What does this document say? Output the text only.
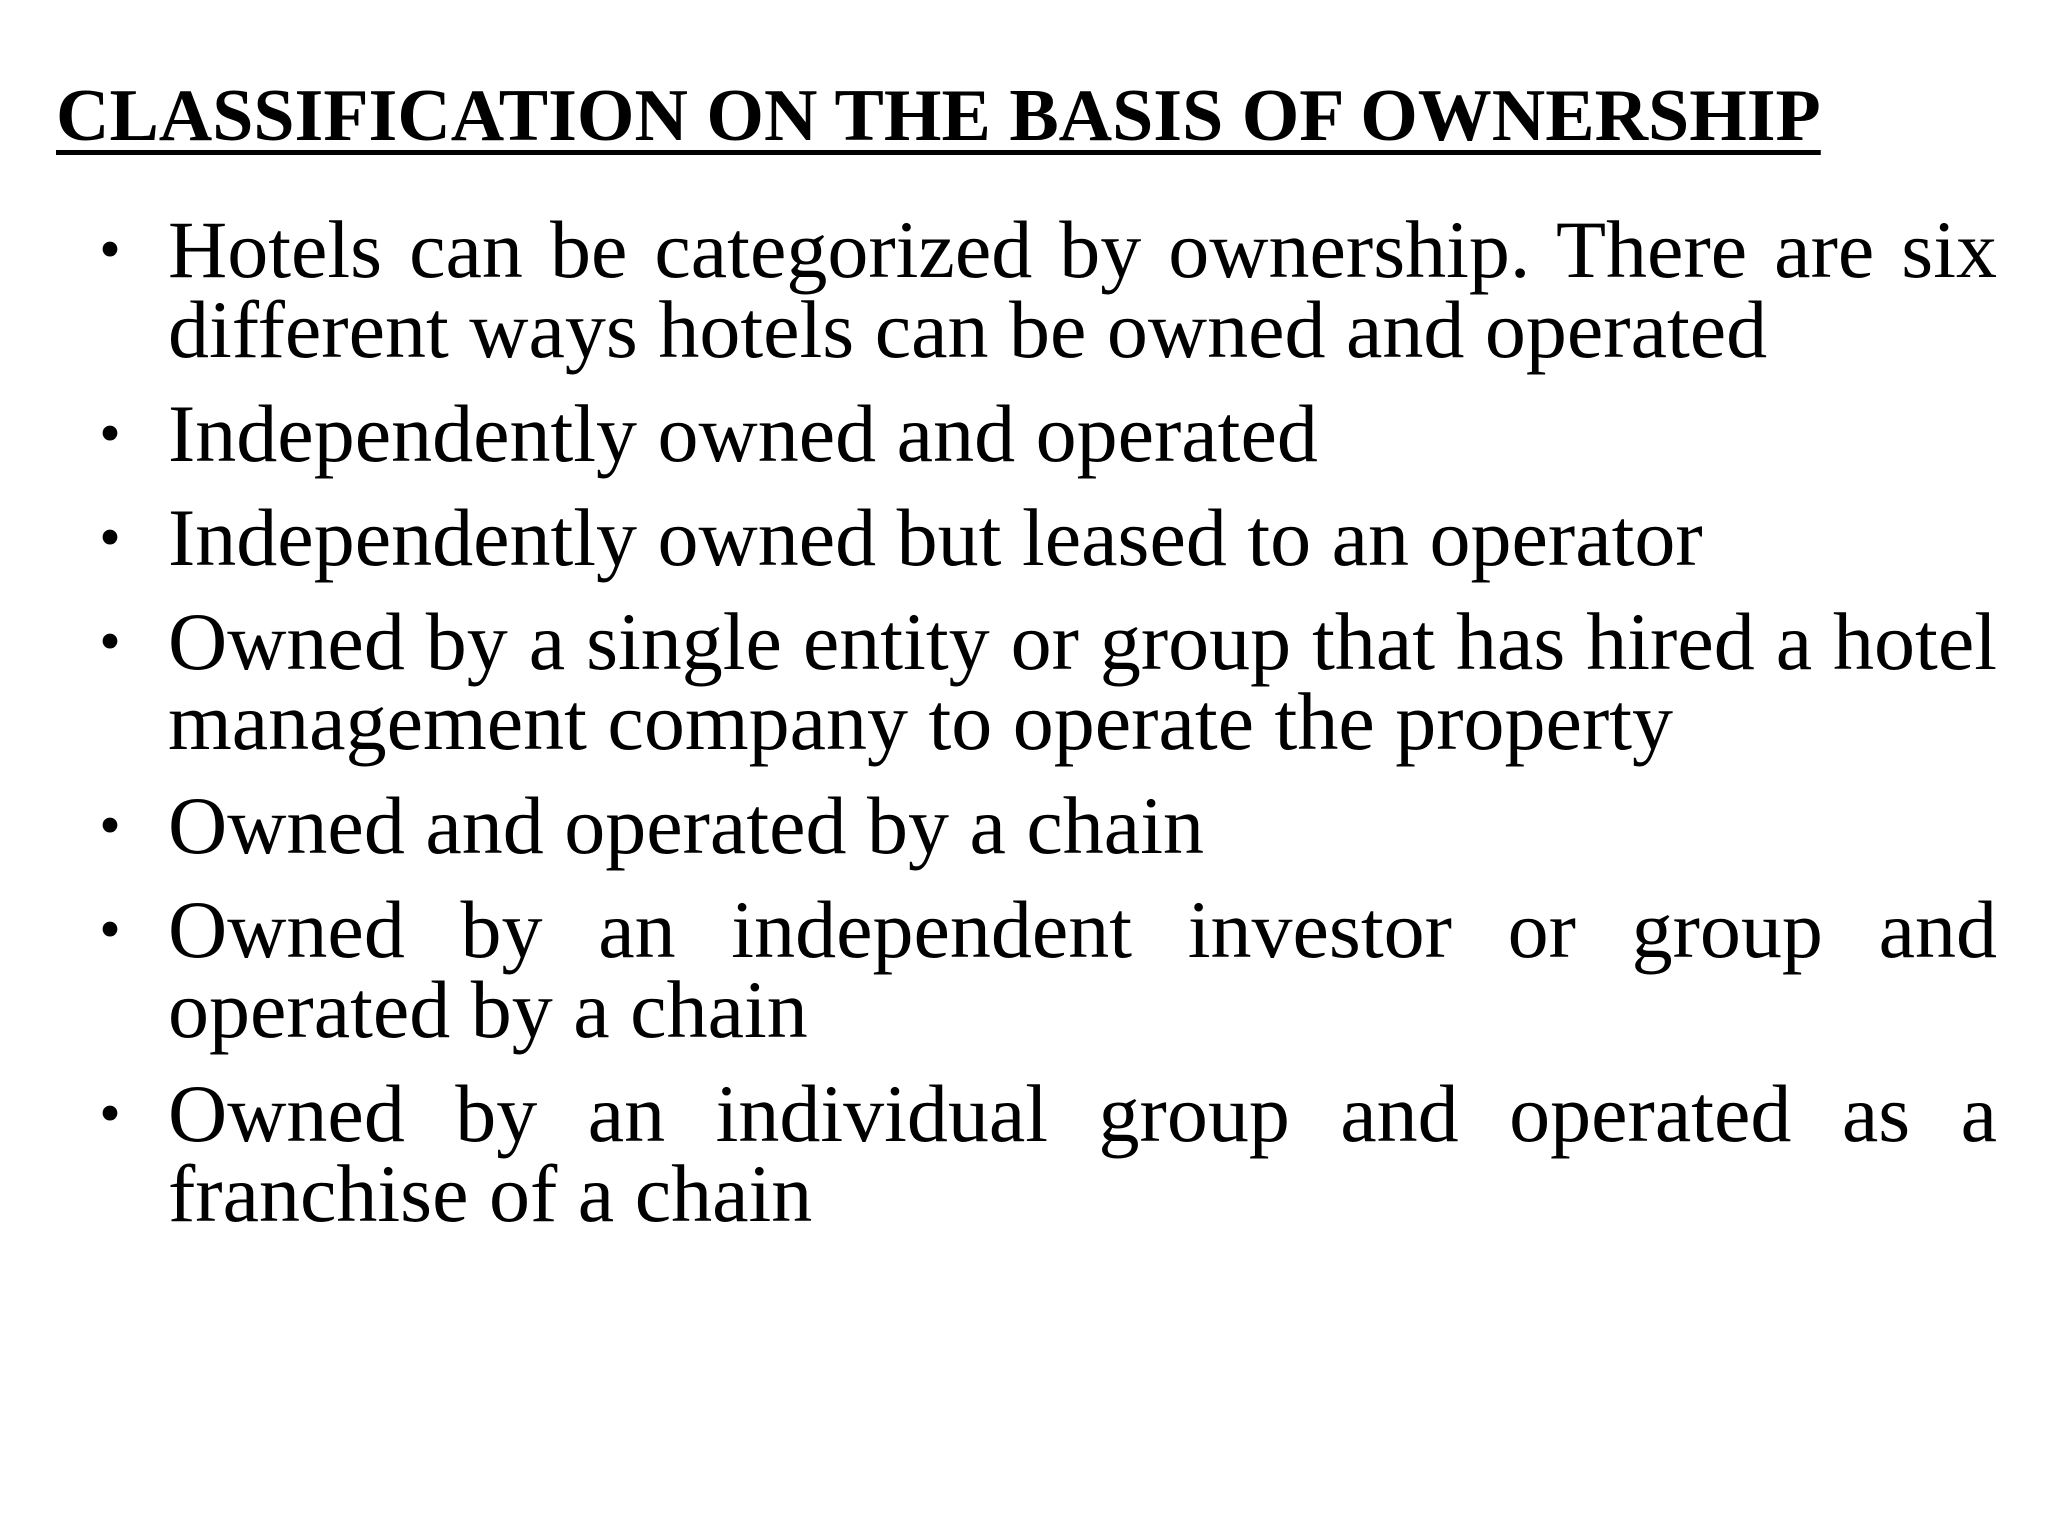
CLASSIFICATION ON THE BASIS OF OWNERSHIP
• Hotels can be categorized by ownership. There are six different ways hotels can be owned and operated
• Independently owned and operated
• Independently owned but leased to an operator
• Owned by a single entity or group that has hired a hotel management company to operate the property
• Owned and operated by a chain
• Owned by an independent investor or group and operated by a chain
• Owned by an individual group and operated as a franchise of a chain
